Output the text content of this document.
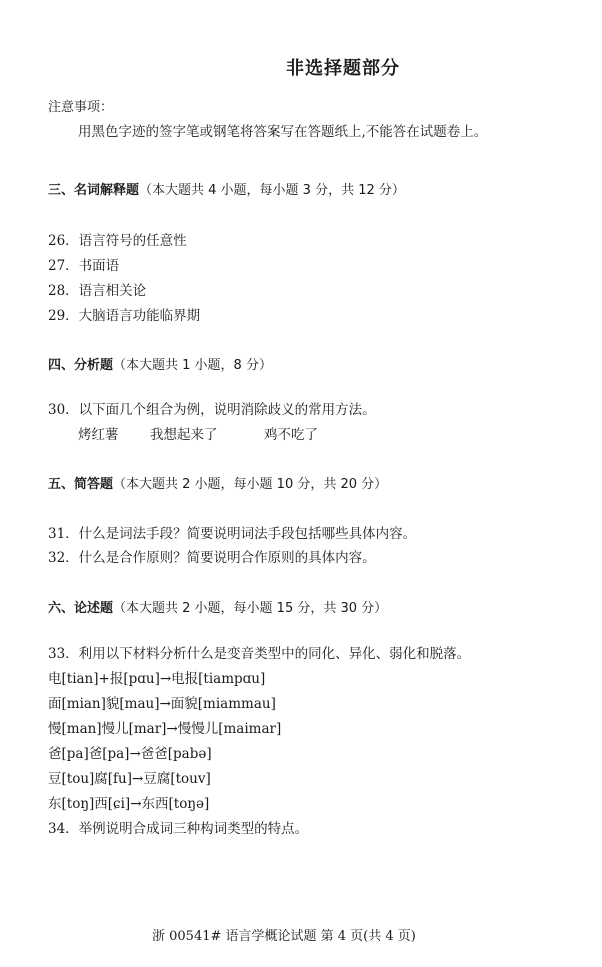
非选择题部分
注意事项：
用黑色字迹的签字笔或钢笔将答案写在答题纸上,不能答在试题卷上。
三、名词解释题（本大题共 4 小题，每小题 3 分，共 12 分）
26．语言符号的任意性
27．书面语
28．语言相关论
29．大脑语言功能临界期
四、分析题（本大题共 1 小题，8 分）
30．以下面几个组合为例，说明消除歧义的常用方法。
烤红薯 我想起来了	鸡不吃了
五、简答题（本大题共 2 小题，每小题 10 分，共 20 分）
31．什么是词法手段？简要说明词法手段包括哪些具体内容。
32．什么是合作原则？简要说明合作原则的具体内容。
六、论述题（本大题共 2 小题，每小题 15 分，共 30 分）
33．利用以下材料分析什么是变音类型中的同化、异化、弱化和脱落。
电[tian]+报[pɑu]→电报[tiampɑu]
面[mian]貌[mau]→面貌[miammau]
慢[man]慢儿[mar]→慢慢儿[maimar]
爸[pa]爸[pa]→爸爸[pabə]
豆[tou]腐[fu]→豆腐[touv]
东[toŋ]西[ɕi]→东西[toŋə]
34．举例说明合成词三种构词类型的特点。
浙 00541# 语言学概论试题 第 4 页(共 4 页)
